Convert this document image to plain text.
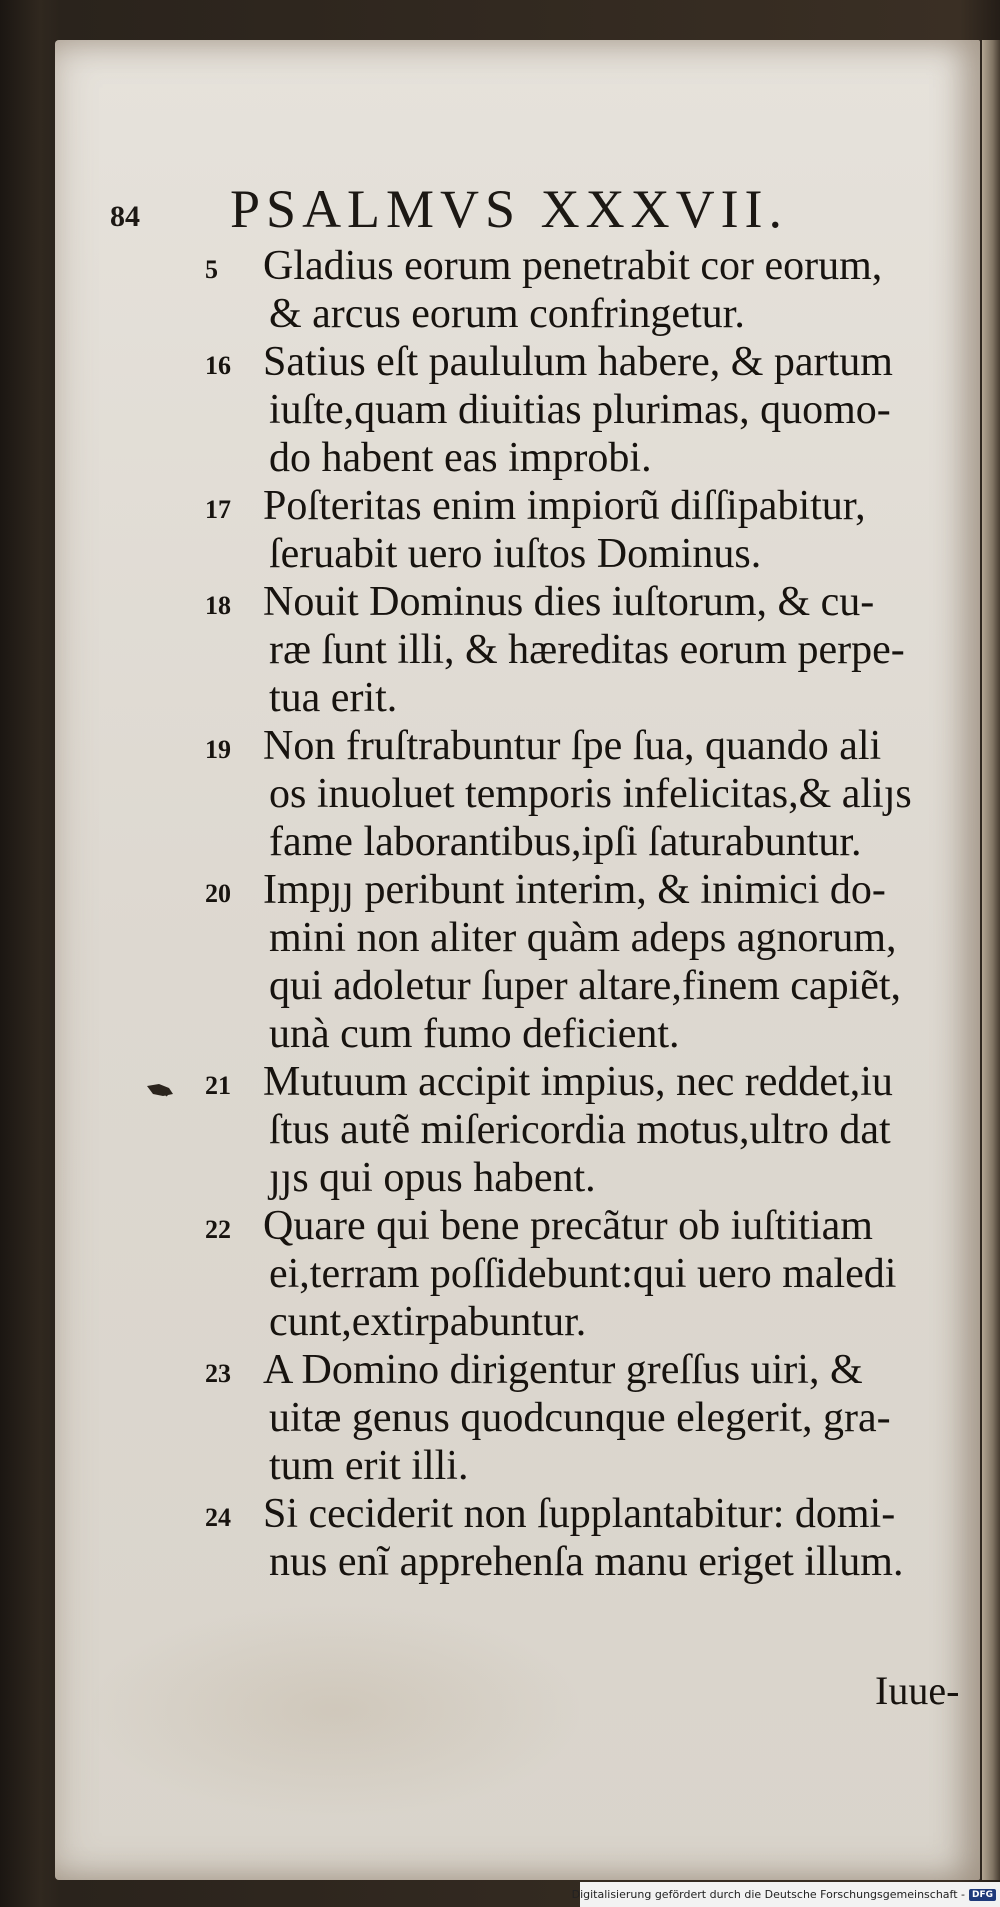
84 PSALMVS XXXVII.
5	Gladius eorum penetrabit cor eorum,
& arcus eorum confringetur.
16 Satius eſt paululum habere, & partum
iuſte,quam diuitias plurimas, quomo-
do habent eas improbi.
17 Poſteritas enim impiorũ diſſipabitur,
ſeruabit uero iuſtos Dominus.
18 Nouit Dominus dies iuſtorum, & cu-
ræ ſunt illi, & hæreditas eorum perpe-
tua erit.
19 Non fruſtrabuntur ſpe ſua, quando ali
os inuoluet temporis infelicitas,& aliȷs
fame laborantibus,ipſi ſaturabuntur.
20 Impȷȷ peribunt interim, & inimici do-
mini non aliter quàm adeps agnorum,
qui adoletur ſuper altare,finem capiẽt,
unà cum fumo deficient.
21 Mutuum accipit impius, nec reddet,iu
ſtus autẽ miſericordia motus,ultro dat
ȷȷs qui opus habent.
22 Quare qui bene precãtur ob iuſtitiam
ei,terram poſſidebunt:qui uero maledi
cunt,extirpabuntur.
23 A Domino dirigentur greſſus uiri, &
uitæ genus quodcunque elegerit, gra-
tum erit illi.
24 Si ceciderit non ſupplantabitur: domi-
nus enĩ apprehenſa manu eriget illum.
Iuue-
Digitalisierung gefördert durch die Deutsche Forschungsgemeinschaft - DFG
